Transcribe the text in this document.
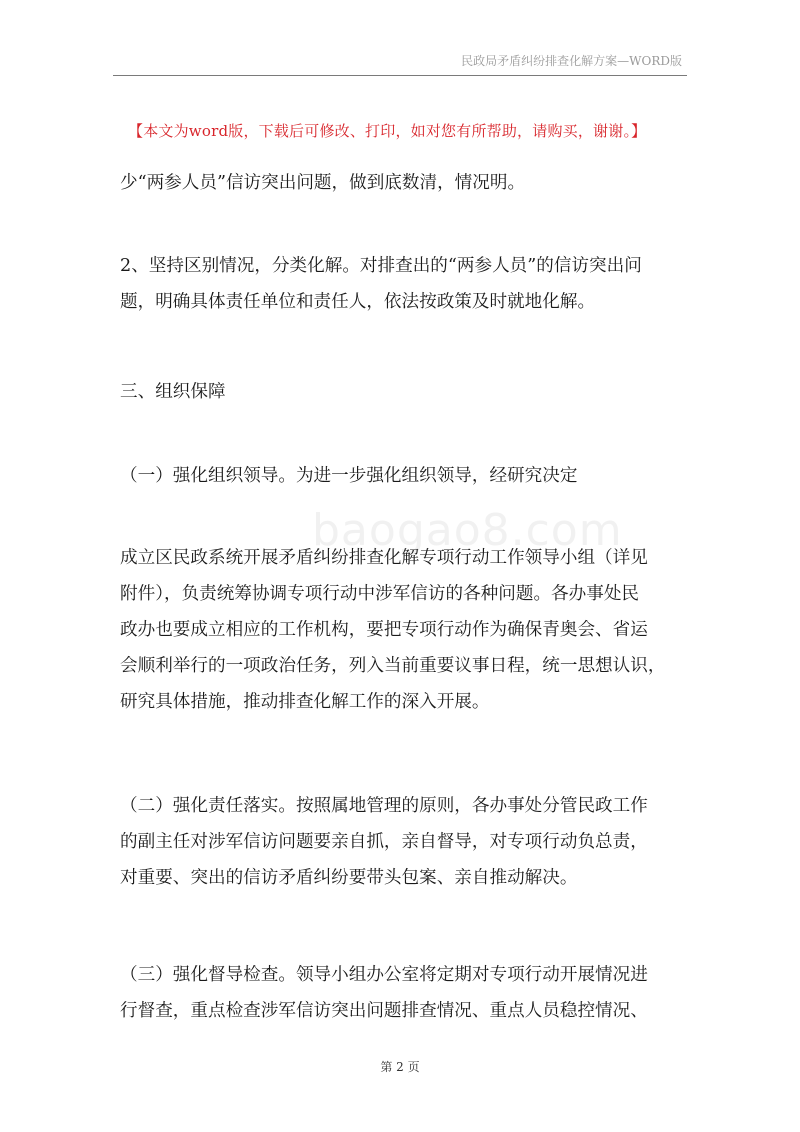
民政局矛盾纠纷排查化解方案—WORD版
【本文为word版，下载后可修改、打印，如对您有所帮助，请购买，谢谢。】
baogao8.com
少“两参人员”信访突出问题，做到底数清，情况明。
2、坚持区别情况，分类化解。对排查出的“两参人员”的信访突出问
题，明确具体责任单位和责任人，依法按政策及时就地化解。
三、组织保障
（一）强化组织领导。为进一步强化组织领导，经研究决定
成立区民政系统开展矛盾纠纷排查化解专项行动工作领导小组（详见
附件），负责统筹协调专项行动中涉军信访的各种问题。各办事处民
政办也要成立相应的工作机构，要把专项行动作为确保青奥会、省运
会顺利举行的一项政治任务，列入当前重要议事日程，统一思想认识，
研究具体措施，推动排查化解工作的深入开展。
（二）强化责任落实。按照属地管理的原则，各办事处分管民政工作
的副主任对涉军信访问题要亲自抓，亲自督导，对专项行动负总责，
对重要、突出的信访矛盾纠纷要带头包案、亲自推动解决。
（三）强化督导检查。领导小组办公室将定期对专项行动开展情况进
行督查，重点检查涉军信访突出问题排查情况、重点人员稳控情况、
第 2 页
